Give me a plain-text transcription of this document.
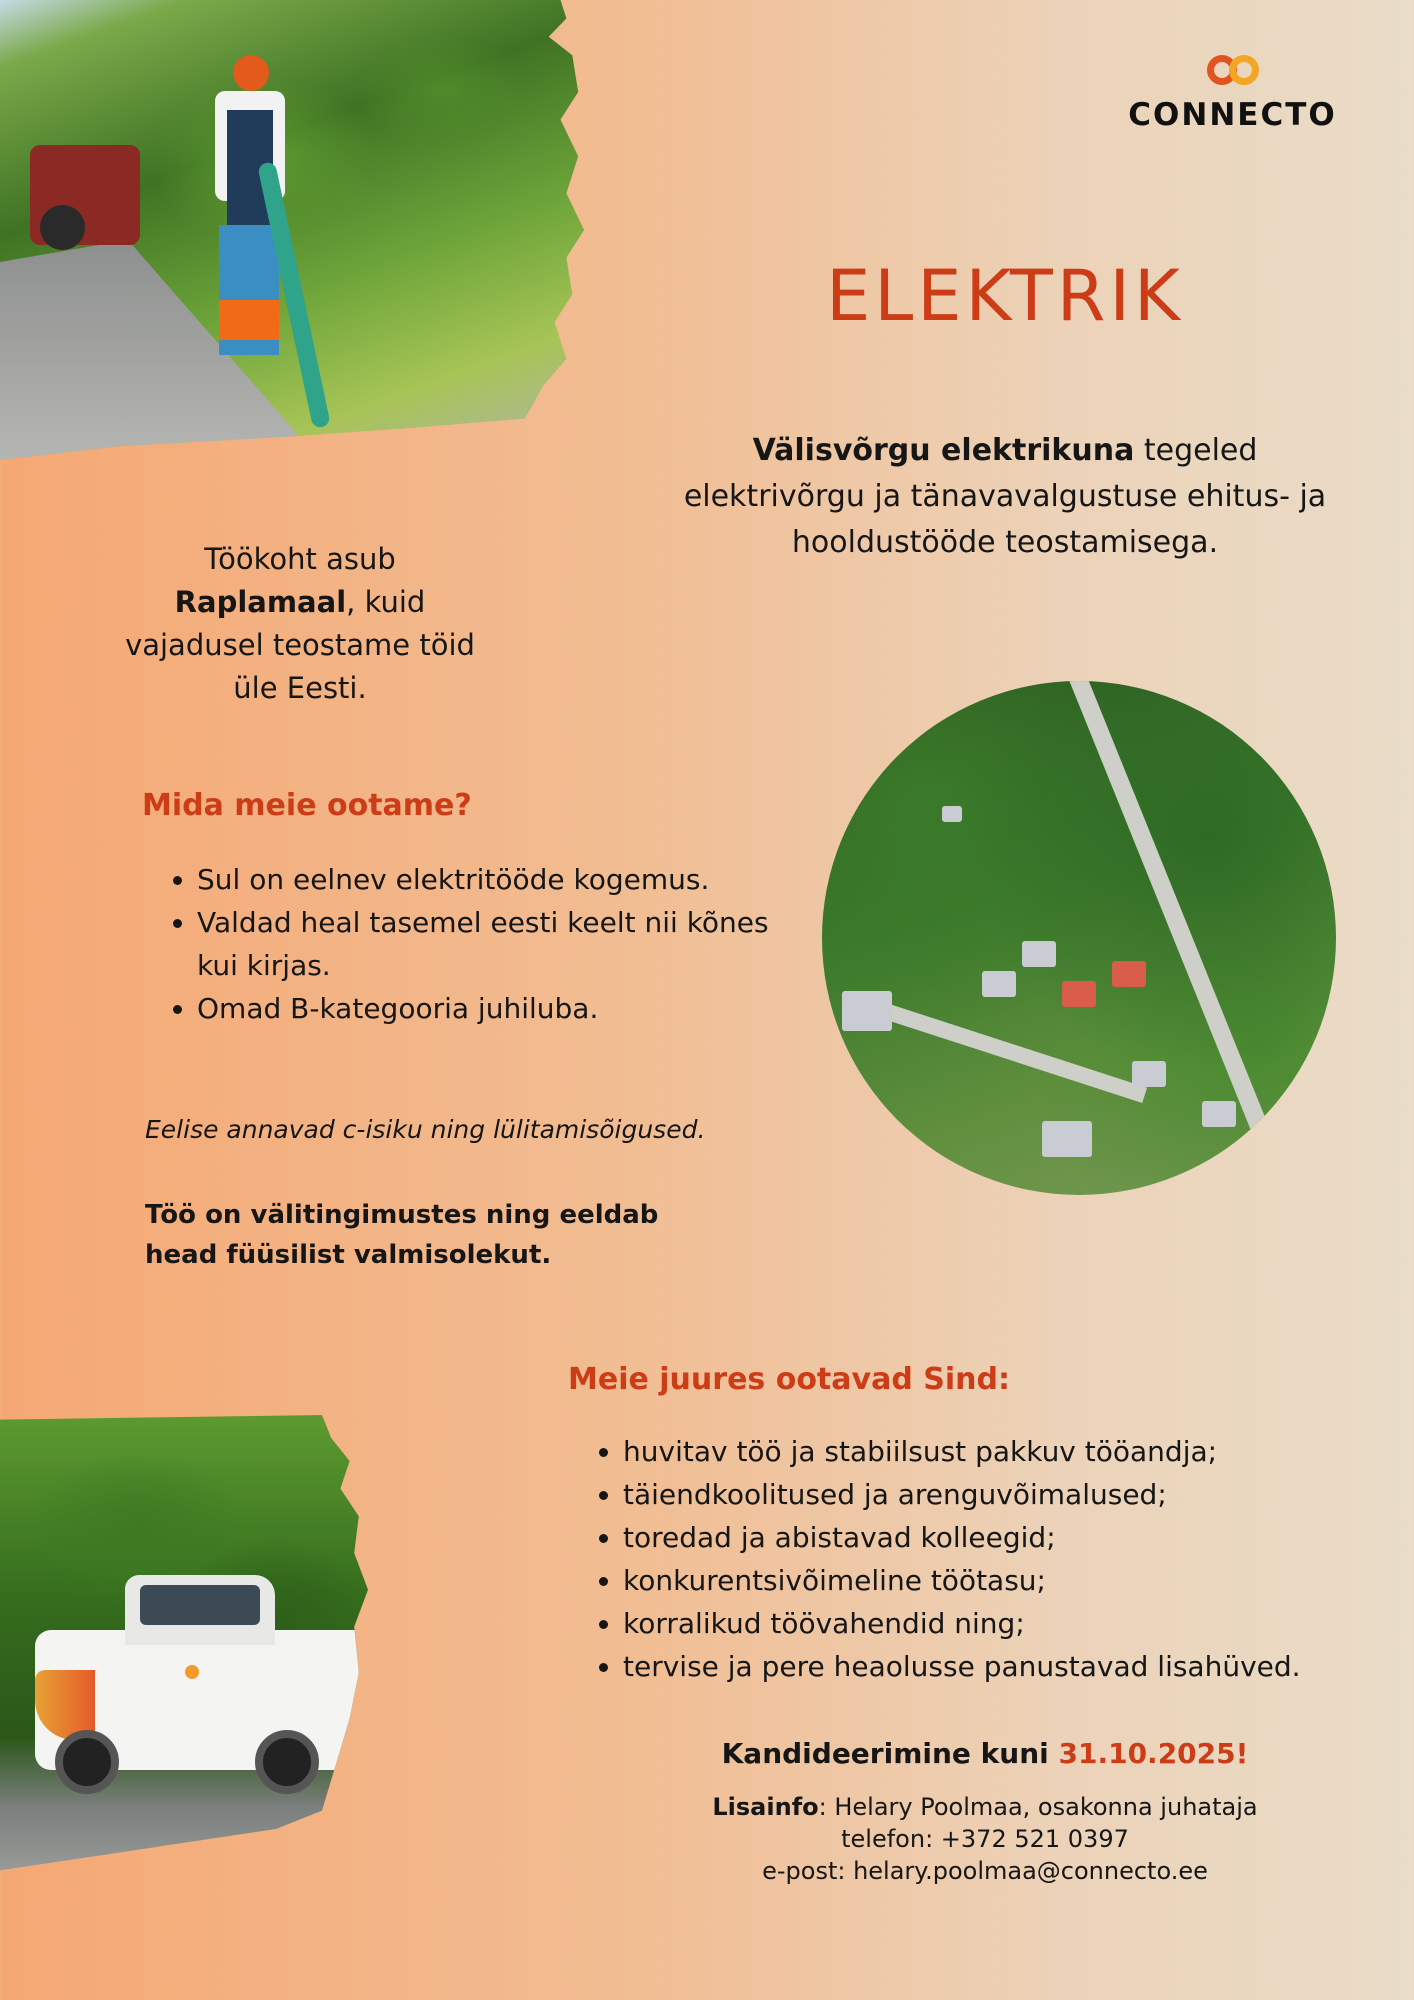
CONNECTO
ELEKTRIK
Välisvõrgu elektrikuna tegeled elektrivõrgu ja tänavavalgustuse ehitus- ja hooldustööde teostamisega.
Töökoht asub Raplamaal, kuid vajadusel teostame töid üle Eesti.
Mida meie ootame?
• Sul on eelnev elektritööde kogemus.
• Valdad heal tasemel eesti keelt nii kõnes kui kirjas.
• Omad B-kategooria juhiluba.
Eelise annavad c-isiku ning lülitamisõigused.
Töö on välitingimustes ning eeldab head füüsilist valmisolekut.
Meie juures ootavad Sind:
• huvitav töö ja stabiilsust pakkuv tööandja;
• täiendkoolitused ja arenguvõimalused;
• toredad ja abistavad kolleegid;
• konkurentsivõimeline töötasu;
• korralikud töövahendid ning;
• tervise ja pere heaolusse panustavad lisahüved.
Kandideerimine kuni 31.10.2025!
Lisainfo: Helary Poolmaa, osakonna juhataja
telefon: +372 521 0397
e-post: helary.poolmaa@connecto.ee
